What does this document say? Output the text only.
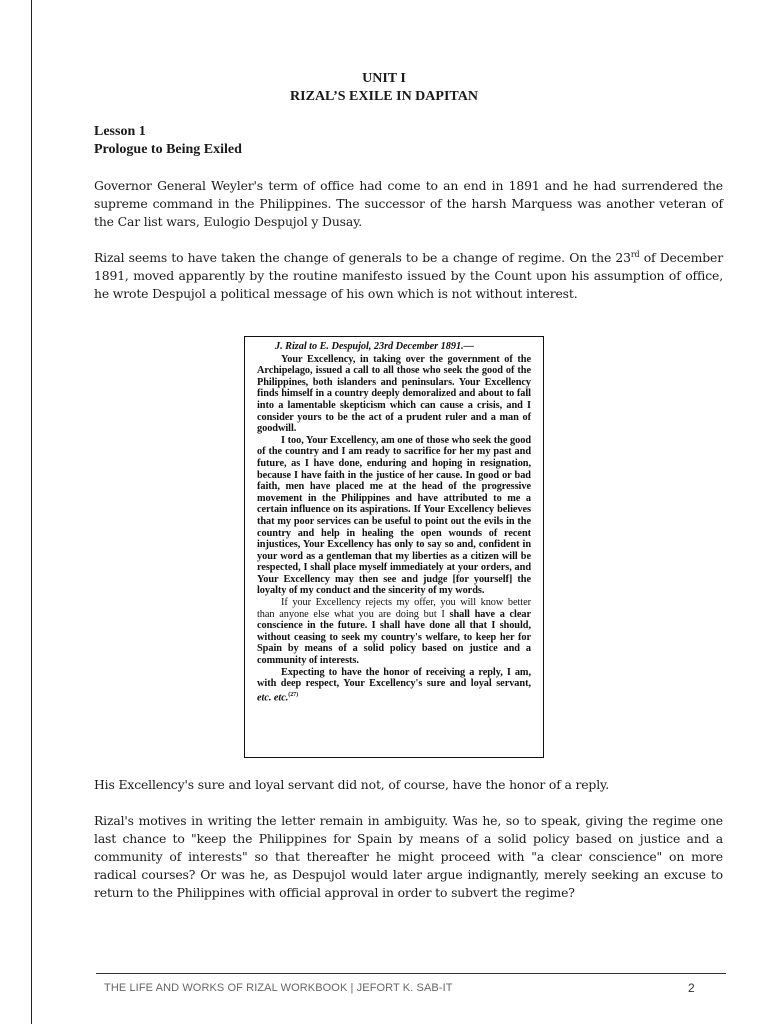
UNIT I
RIZAL’S EXILE IN DAPITAN
Lesson 1
Prologue to Being Exiled
Governor General Weyler's term of office had come to an end in 1891 and he had surrendered the supreme command in the Philippines. The successor of the harsh Marquess was another veteran of the Car list wars, Eulogio Despujol y Dusay.
Rizal seems to have taken the change of generals to be a change of regime. On the 23rd of December 1891, moved apparently by the routine manifesto issued by the Count upon his assumption of office, he wrote Despujol a political message of his own which is not without interest.
J. Rizal to E. Despujol, 23rd December 1891.—

Your Excellency, in taking over the government of the Archipelago, issued a call to all those who seek the good of the Philippines, both islanders and peninsulars. Your Excellency finds himself in a country deeply demoralized and about to fall into a lamentable skepticism which can cause a crisis, and I consider yours to be the act of a prudent ruler and a man of goodwill.

I too, Your Excellency, am one of those who seek the good of the country and I am ready to sacrifice for her my past and future, as I have done, enduring and hoping in resignation, because I have faith in the justice of her cause. In good or bad faith, men have placed me at the head of the progressive movement in the Philippines and have attributed to me a certain influence on its aspirations. If Your Excellency believes that my poor services can be useful to point out the evils in the country and help in healing the open wounds of recent injustices, Your Excellency has only to say so and, confident in your word as a gentleman that my liberties as a citizen will be respected, I shall place myself immediately at your orders, and Your Excellency may then see and judge [for yourself] the loyalty of my conduct and the sincerity of my words.

If your Excellency rejects my offer, you will know better than anyone else what you are doing but I shall have a clear conscience in the future. I shall have done all that I should, without ceasing to seek my country's welfare, to keep her for Spain by means of a solid policy based on justice and a community of interests.

Expecting to have the honor of receiving a reply, I am, with deep respect, Your Excellency's sure and loyal servant, etc. etc.$^{(27)}$

His Excellency's sure and loyal servant did not, of course, have the honor of a reply.
Rizal's motives in writing the letter remain in ambiguity. Was he, so to speak, giving the regime one last chance to "keep the Philippines for Spain by means of a solid policy based on justice and a community of interests" so that thereafter he might proceed with "a clear conscience" on more radical courses? Or was he, as Despujol would later argue indignantly, merely seeking an excuse to return to the Philippines with official approval in order to subvert the regime?
THE LIFE AND WORKS OF RIZAL WORKBOOK | JEFORT K. SAB-IT	2
